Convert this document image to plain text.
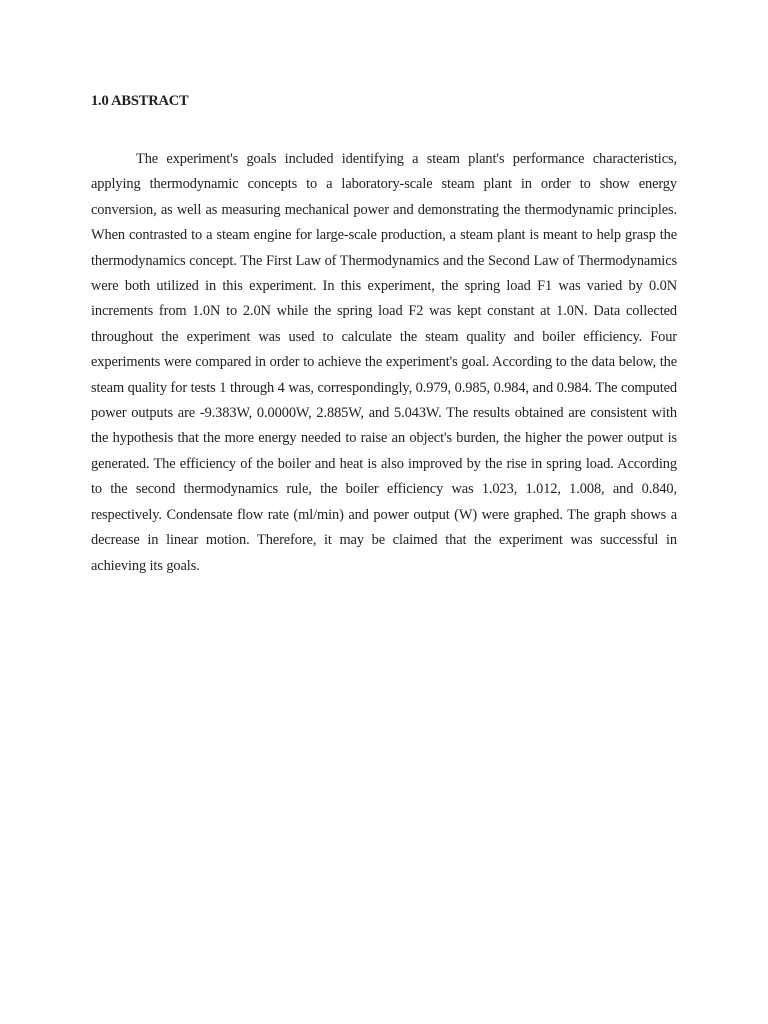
1.0 ABSTRACT

The experiment's goals included identifying a steam plant's performance characteristics, applying thermodynamic concepts to a laboratory-scale steam plant in order to show energy conversion, as well as measuring mechanical power and demonstrating the thermodynamic principles. When contrasted to a steam engine for large-scale production, a steam plant is meant to help grasp the thermodynamics concept. The First Law of Thermodynamics and the Second Law of Thermodynamics were both utilized in this experiment. In this experiment, the spring load F1 was varied by 0.0N increments from 1.0N to 2.0N while the spring load F2 was kept constant at 1.0N. Data collected throughout the experiment was used to calculate the steam quality and boiler efficiency. Four experiments were compared in order to achieve the experiment's goal. According to the data below, the steam quality for tests 1 through 4 was, correspondingly, 0.979, 0.985, 0.984, and 0.984. The computed power outputs are -9.383W, 0.0000W, 2.885W, and 5.043W. The results obtained are consistent with the hypothesis that the more energy needed to raise an object's burden, the higher the power output is generated. The efficiency of the boiler and heat is also improved by the rise in spring load. According to the second thermodynamics rule, the boiler efficiency was 1.023, 1.012, 1.008, and 0.840, respectively. Condensate flow rate (ml/min) and power output (W) were graphed. The graph shows a decrease in linear motion. Therefore, it may be claimed that the experiment was successful in achieving its goals.
